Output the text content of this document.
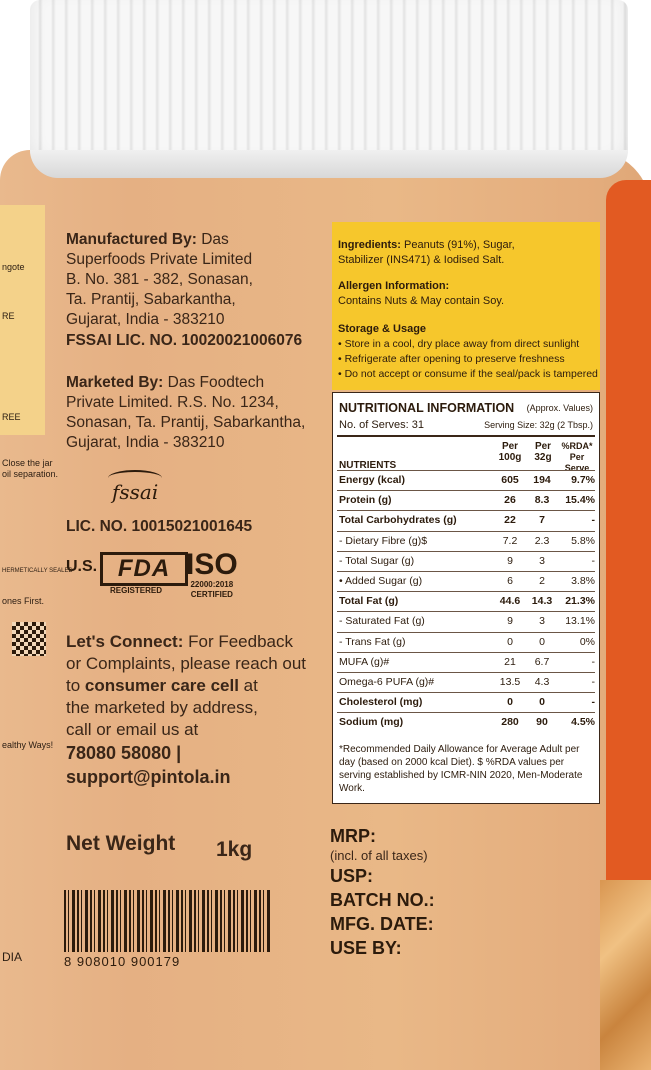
ngote
RE
REE
Close the jar
oil separation.
HERMETICALLY SEALED
ones First.
ealthy Ways!
DIA
Manufactured By: Das
Superfoods Private Limited
B. No. 381 - 382, Sonasan,
Ta. Prantij, Sabarkantha,
Gujarat, India - 383210
FSSAI LIC. NO. 10020021006076
Marketed By: Das Foodtech
Private Limited. R.S. No. 1234,
Sonasan, Ta. Prantij, Sabarkantha,
Gujarat, India - 383210
fssai
LIC. NO. 10015021001645
U.S. FDA
REGISTERED
ISO
22000:2018
CERTIFIED
Let's Connect: For Feedback
or Complaints, please reach out
to consumer care cell at
the marketed by address,
call or email us at
78080 58080 |
support@pintola.in
Net Weight 1kg
8 908010 900179
Ingredients: Peanuts (91%), Sugar,
Stabilizer (INS471) & Iodised Salt.
Allergen Information:
Contains Nuts & May contain Soy.
Storage & Usage
• Store in a cool, dry place away from direct sunlight
• Refrigerate after opening to preserve freshness
• Do not accept or consume if the seal/pack is tampered
NUTRITIONAL INFORMATION (Approx. Values)
No. of Serves: 31	Serving Size: 32g (2 Tbsp.)
NUTRIENTS
Per 100g
Per 32g
%RDA* Per Serve
Energy (kcal)	605	194	9.7%
Protein (g)	26	8.3	15.4%
Total Carbohydrates (g)	22	7	-
- Dietary Fibre (g)$	7.2	2.3	5.8%
- Total Sugar (g)	9	3	-
• Added Sugar (g)	6	2	3.8%
Total Fat (g)	44.6	14.3	21.3%
- Saturated Fat (g)	9	3	13.1%
- Trans Fat (g)	0	0	0%
MUFA (g)#	21	6.7	-
Omega-6 PUFA (g)#	13.5	4.3	-
Cholesterol (mg)	0	0	-
Sodium (mg)	280	90	4.5%
*Recommended Daily Allowance for Average Adult per day (based on 2000 kcal Diet). $ %RDA values per serving established by ICMR-NIN 2020, Men-Moderate Work.
MRP:
(incl. of all taxes)
USP:
BATCH NO.:
MFG. DATE:
USE BY:
